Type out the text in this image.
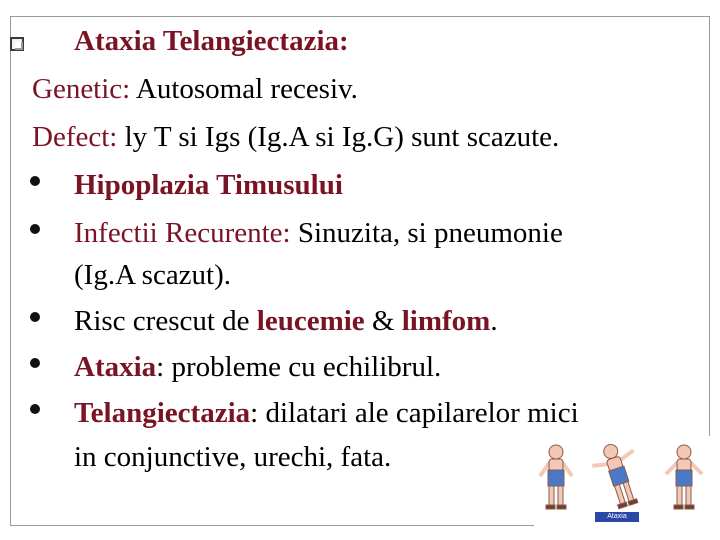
Ataxia Telangiectazia:
Genetic: Autosomal recesiv.
Defect: ly T si Igs (Ig.A si Ig.G) sunt scazute.
Hipoplazia Timusului
Infectii Recurente: Sinuzita, si pneumonie
(Ig.A scazut).
Risc crescut de leucemie & limfom.
Ataxia: probleme cu echilibrul.
Telangiectazia: dilatari ale capilarelor mici
in conjunctive, urechi, fata.
Ataxia
